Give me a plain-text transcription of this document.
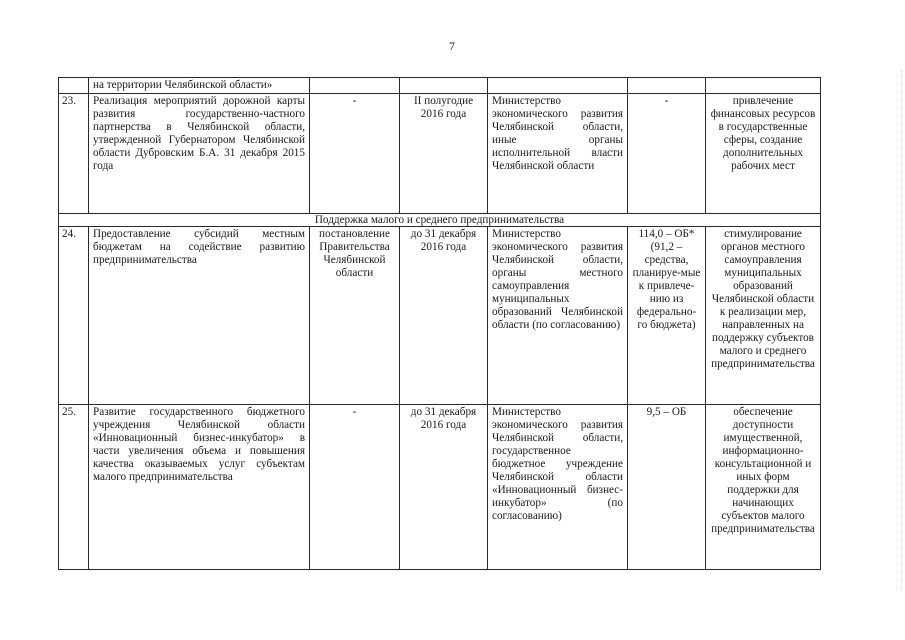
7
	на территории Челябинской области»					
23.	Реализация мероприятий дорожной карты развития государственно-частного партнерства в Челябинской области, утвержденной Губернатором Челябинской области Дубровским Б.А. 31 декабря 2015 года	-	II полугодие 2016 года	Министерство экономического развития Челябинской области, иные органы исполнительной власти Челябинской области	-	привлечение финансовых ресурсов в государственные сферы, создание дополнительных рабочих мест
Поддержка малого и среднего предпринимательства						
24.	Предоставление субсидий местным бюджетам на содействие развитию предпринимательства	постановление Правительства Челябинской области	до 31 декабря 2016 года	Министерство экономического развития Челябинской области, органы местного самоуправления муниципальных образований Челябинской области (по согласованию)	114,0 – ОБ* (91,2 – средства, планируе-мые к привлече-нию из федерально-го бюджета)	стимулирование органов местного самоуправления муниципальных образований Челябинской области к реализации мер, направленных на поддержку субъектов малого и среднего предпринимательства
25.	Развитие государственного бюджетного учреждения Челябинской области «Инновационный бизнес-инкубатор» в части увеличения объема и повышения качества оказываемых услуг субъектам малого предпринимательства	-	до 31 декабря 2016 года	Министерство экономического развития Челябинской области, государственное бюджетное учреждение Челябинской области «Инновационный бизнес-инкубатор» (по согласованию)	9,5 – ОБ	обеспечение доступности имущественной, информационно-консультационной и иных форм поддержки для начинающих субъектов малого предпринимательства
